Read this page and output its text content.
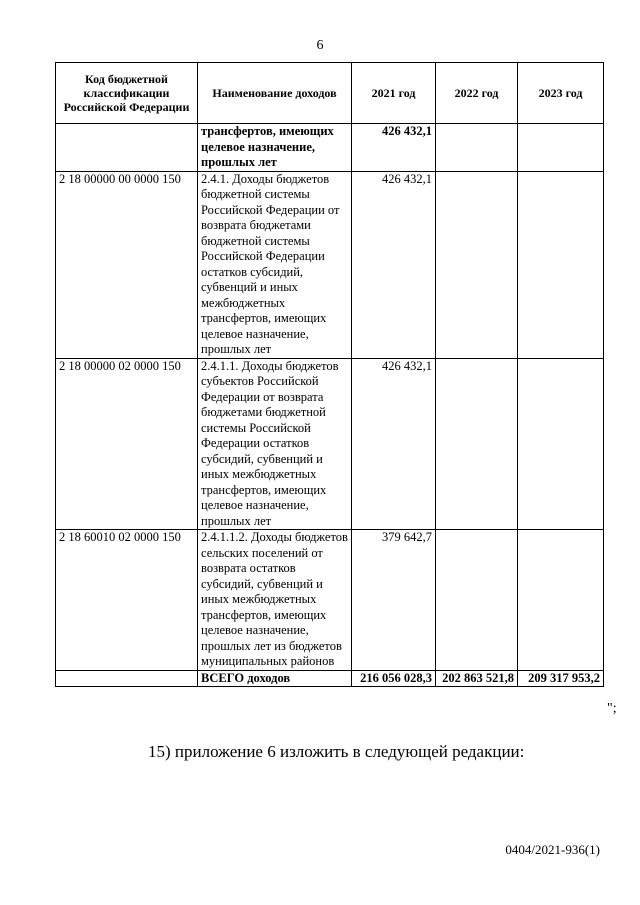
6
Код бюджетной классификации Российской Федерации	Наименование доходов	2021 год	2022 год	2023 год
	трансфертов, имеющих целевое назначение, прошлых лет	426 432,1		
2 18 00000 00 0000 150	2.4.1. Доходы бюджетов бюджетной системы Российской Федерации от возврата бюджетами бюджетной системы Российской Федерации остатков субсидий, субвенций и иных межбюджетных трансфертов, имеющих целевое назначение, прошлых лет	426 432,1		
2 18 00000 02 0000 150	2.4.1.1. Доходы бюджетов субъектов Российской Федерации от возврата бюджетами бюджетной системы Российской Федерации остатков субсидий, субвенций и иных межбюджетных трансфертов, имеющих целевое назначение, прошлых лет	426 432,1		
2 18 60010 02 0000 150	2.4.1.1.2. Доходы бюджетов сельских поселений от возврата остатков субсидий, субвенций и иных межбюджетных трансфертов, имеющих целевое назначение, прошлых лет из бюджетов муниципальных районов	379 642,7		
	ВСЕГО доходов	216 056 028,3	202 863 521,8	209 317 953,2
";
15) приложение 6 изложить в следующей редакции:
0404/2021-936(1)
